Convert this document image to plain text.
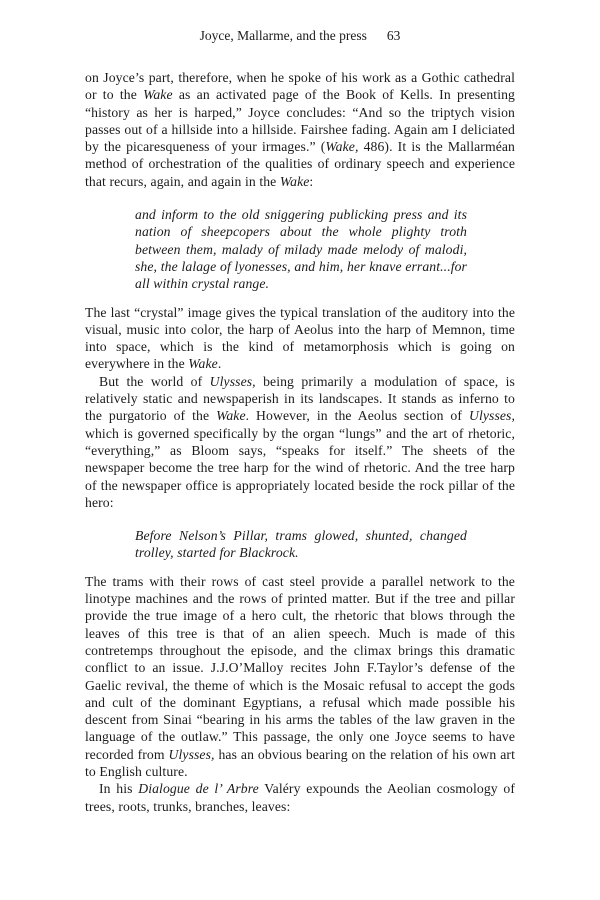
Joyce, Mallarme, and the press 63

on Joyce’s part, therefore, when he spoke of his work as a Gothic cathedral or to the Wake as an activated page of the Book of Kells. In presenting “history as her is harped,” Joyce concludes: “And so the triptych vision passes out of a hillside into a hillside. Fairshee fading. Again am I deliciated by the picaresqueness of your irmages.” (Wake, 486). It is the Mallarméan method of orchestration of the qualities of ordinary speech and experience that recurs, again, and again in the Wake:

and inform to the old sniggering publicking press and its nation of sheepcopers about the whole plighty troth between them, malady of milady made melody of malodi, she, the lalage of lyonesses, and him, her knave errant...for all within crystal range.

The last “crystal” image gives the typical translation of the auditory into the visual, music into color, the harp of Aeolus into the harp of Memnon, time into space, which is the kind of metamorphosis which is going on everywhere in the Wake.

But the world of Ulysses, being primarily a modulation of space, is relatively static and newspaperish in its landscapes. It stands as inferno to the purgatorio of the Wake. However, in the Aeolus section of Ulysses, which is governed specifically by the organ “lungs” and the art of rhetoric, “everything,” as Bloom says, “speaks for itself.” The sheets of the newspaper become the tree harp for the wind of rhetoric. And the tree harp of the newspaper office is appropriately located beside the rock pillar of the hero:

Before Nelson’s Pillar, trams glowed, shunted, changed trolley, started for Blackrock.

The trams with their rows of cast steel provide a parallel network to the linotype machines and the rows of printed matter. But if the tree and pillar provide the true image of a hero cult, the rhetoric that blows through the leaves of this tree is that of an alien speech. Much is made of this contretemps throughout the episode, and the climax brings this dramatic conflict to an issue. J.J.O’Malloy recites John F.Taylor’s defense of the Gaelic revival, the theme of which is the Mosaic refusal to accept the gods and cult of the dominant Egyptians, a refusal which made possible his descent from Sinai “bearing in his arms the tables of the law graven in the language of the outlaw.” This passage, the only one Joyce seems to have recorded from Ulysses, has an obvious bearing on the relation of his own art to English culture.

In his Dialogue de l’ Arbre Valéry expounds the Aeolian cosmology of trees, roots, trunks, branches, leaves:
